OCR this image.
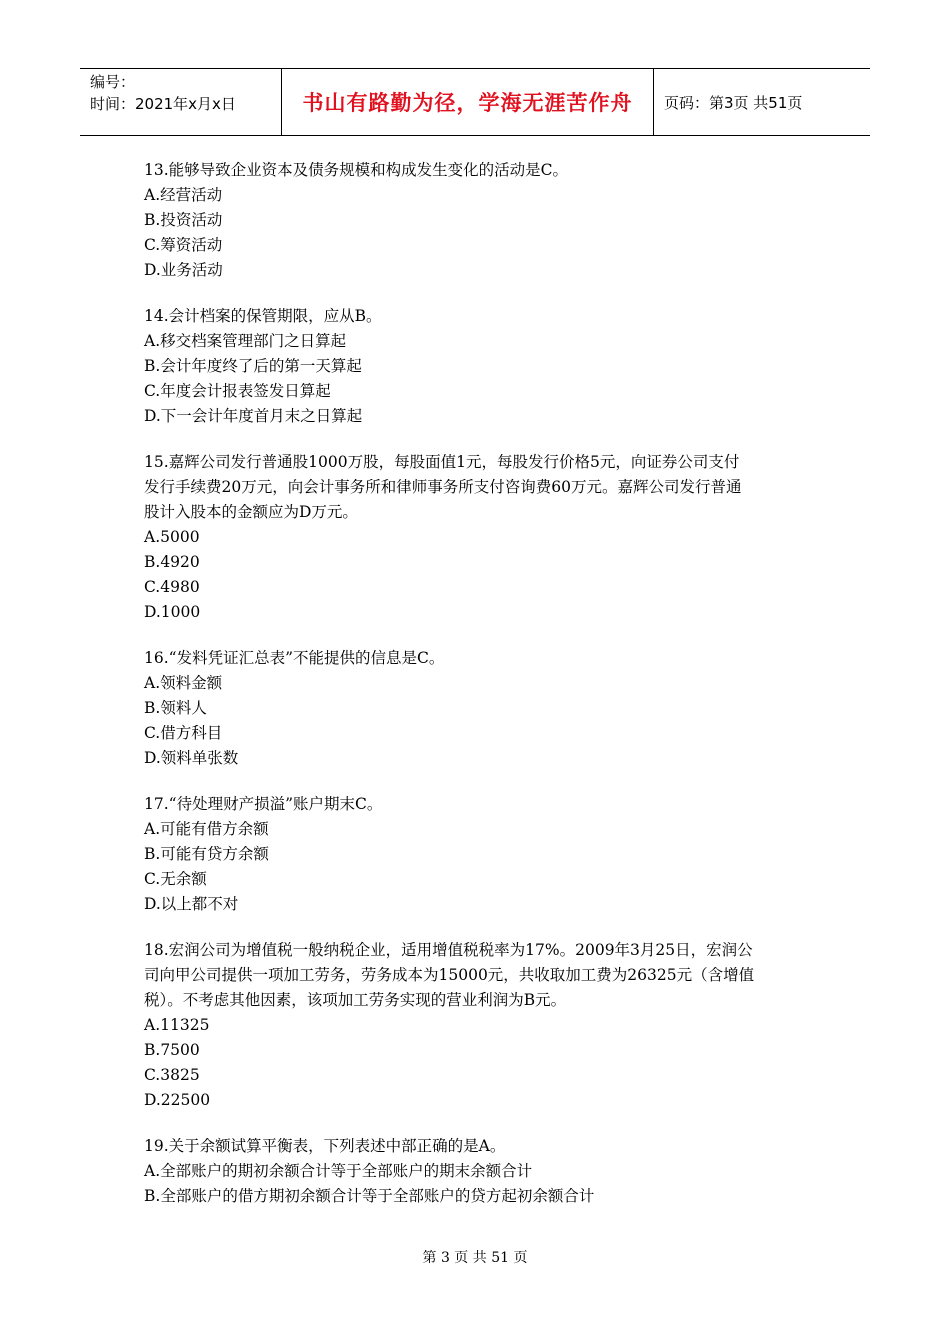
编号：
时间：2021年x月x日	书山有路勤为径，学海无涯苦作舟 页码：第3页 共51页
13.能够导致企业资本及债务规模和构成发生变化的活动是C。
A.经营活动
B.投资活动
C.筹资活动
D.业务活动
14.会计档案的保管期限，应从B。
A.移交档案管理部门之日算起
B.会计年度终了后的第一天算起
C.年度会计报表签发日算起
D.下一会计年度首月末之日算起
15.嘉辉公司发行普通股1000万股，每股面值1元，每股发行价格5元，向证券公司支付
发行手续费20万元，向会计事务所和律师事务所支付咨询费60万元。嘉辉公司发行普通
股计入股本的金额应为D万元。
A.5000
B.4920
C.4980
D.1000
16.“发料凭证汇总表”不能提供的信息是C。
A.领料金额
B.领料人
C.借方科目
D.领料单张数
17.“待处理财产损溢”账户期末C。
A.可能有借方余额
B.可能有贷方余额
C.无余额
D.以上都不对
18.宏润公司为增值税一般纳税企业，适用增值税税率为17%。2009年3月25日，宏润公
司向甲公司提供一项加工劳务，劳务成本为15000元，共收取加工费为26325元（含增值
税）。不考虑其他因素，该项加工劳务实现的营业利润为B元。
A.11325
B.7500
C.3825
D.22500
19.关于余额试算平衡表，下列表述中部正确的是A。
A.全部账户的期初余额合计等于全部账户的期末余额合计
B.全部账户的借方期初余额合计等于全部账户的贷方起初余额合计
第 3 页 共 51 页
